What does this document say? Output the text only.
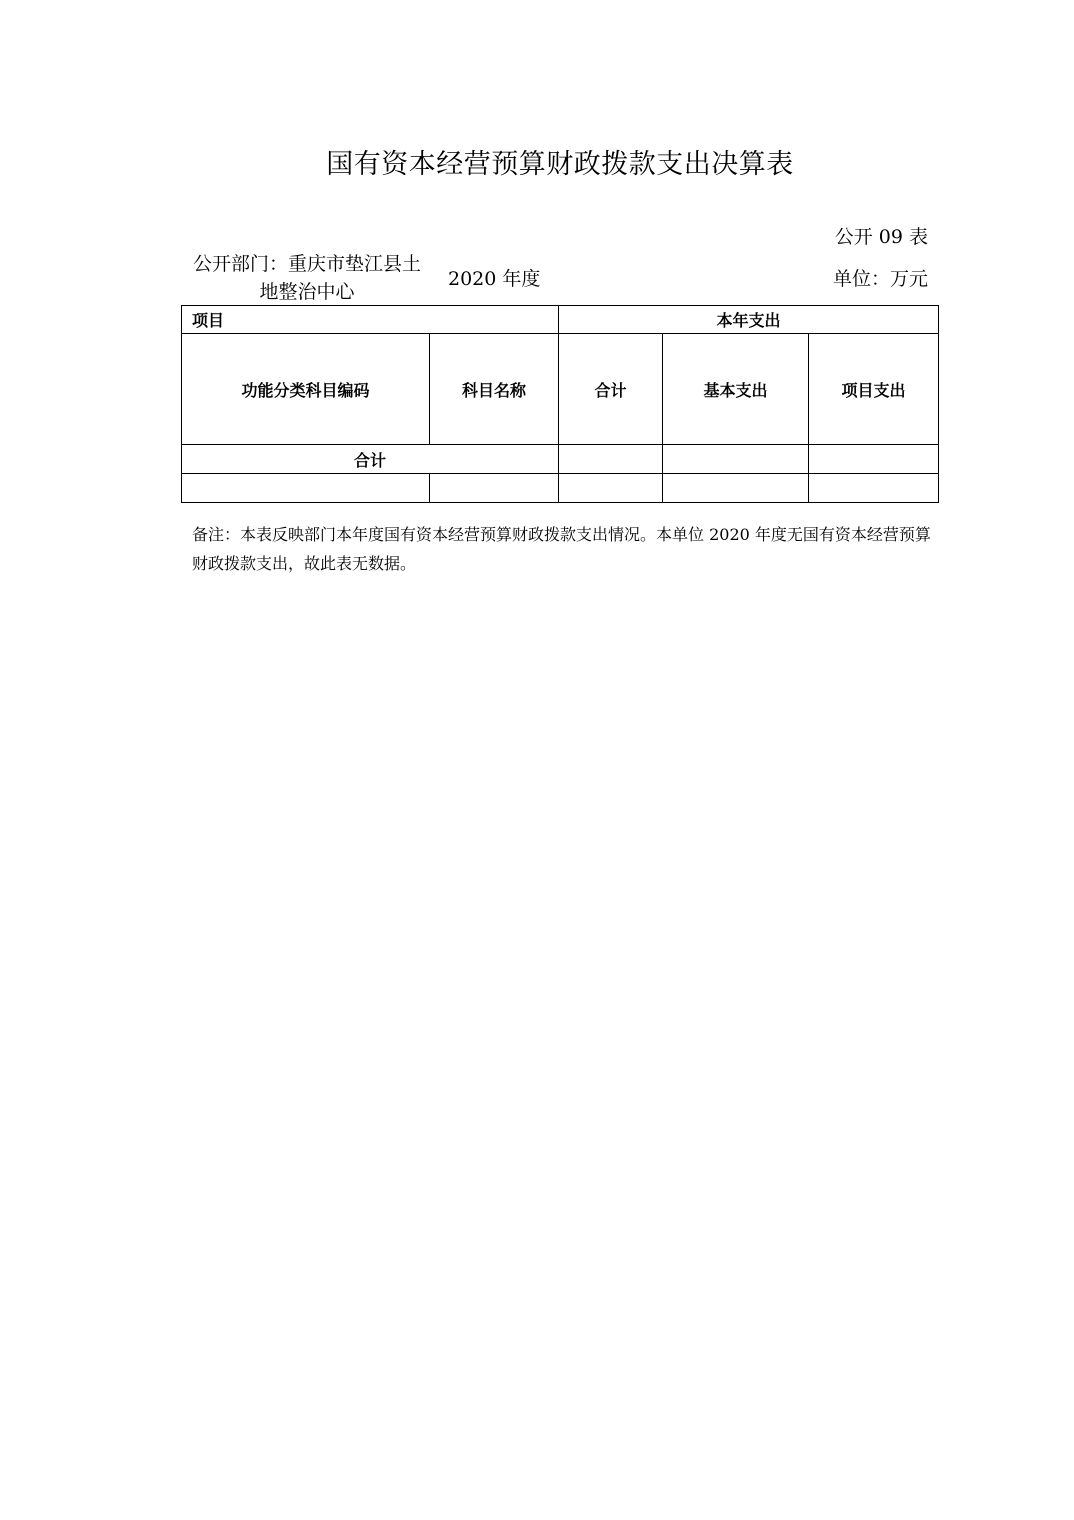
国有资本经营预算财政拨款支出决算表
公开 09 表
公开部门：重庆市垫江县土地整治中心
2020 年度	单位：万元
项目		本年支出		
功能分类科目编码	科目名称	合计	基本支出	项目支出
合计				

备注：本表反映部门本年度国有资本经营预算财政拨款支出情况。本单位 2020 年度无国有资本经营预算财政拨款支出，故此表无数据。
